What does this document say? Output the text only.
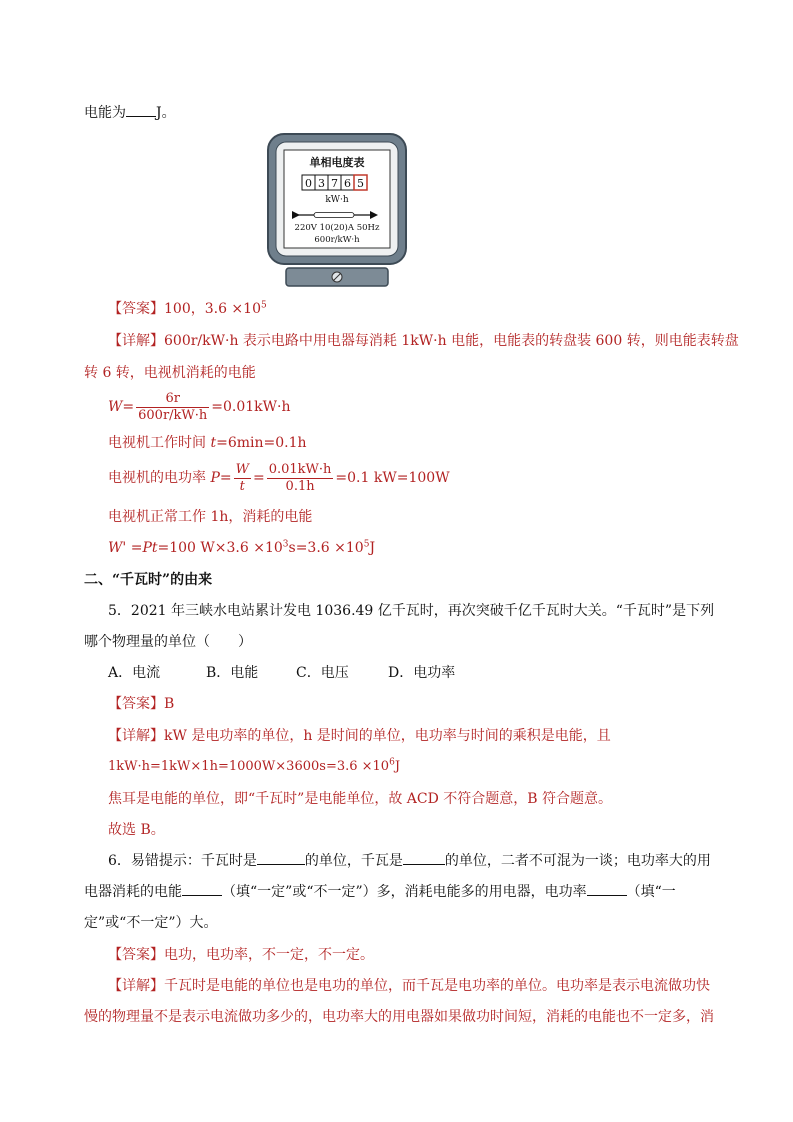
电能为 J。
单相电度表
0 3 7 6 5
kW·h
220V 10(20)A 50Hz
600r/kW·h
【答案】100，$3.6 \times 10^5$
【详解】600r/kW·h 表示电路中用电器每消耗 1kW·h 电能，电能表的转盘装 600 转，则电能表转盘
转 6 转，电视机消耗的电能
$W= \frac{6r}{600r/kW\cdot h} =0.01kW\cdot h$
电视机工作时间 t=6min=0.1h
电视机的电功率 $P= \frac{W}{t} = \frac{0.01kW\cdot h}{0.1h} =0.1$ kW=100W
电视机正常工作 1h，消耗的电能
W' =Pt=100 $W\times 3.6 \times 10^3s=3.6 \times 10^5J$
二、“千瓦时”的由来
5．2021 年三峡水电站累计发电 1036.49 亿千瓦时，再次突破千亿千瓦时大关。“千瓦时”是下列
哪个物理量的单位（　　）
A．电流	B．电能	C．电压	D．电功率
【答案】B
【详解】kW 是电功率的单位，h 是时间的单位，电功率与时间的乘积是电能，且
$1kW\cdot h=1kW\times 1h=1000W\times 3600s=3.6 \times 10^6J$
焦耳是电能的单位，即“千瓦时”是电能单位，故 ACD 不符合题意，B 符合题意。
故选 B。
6．易错提示：千瓦时是	的单位，千瓦是	的单位，二者不可混为一谈；电功率大的用
电器消耗的电能	（填“一定”或“不一定”）多，消耗电能多的用电器，电功率	（填“一
定”或“不一定”）大。
【答案】电功，电功率，不一定，不一定。
【详解】千瓦时是电能的单位也是电功的单位，而千瓦是电功率的单位。电功率是表示电流做功快
慢的物理量不是表示电流做功多少的，电功率大的用电器如果做功时间短，消耗的电能也不一定多，消
